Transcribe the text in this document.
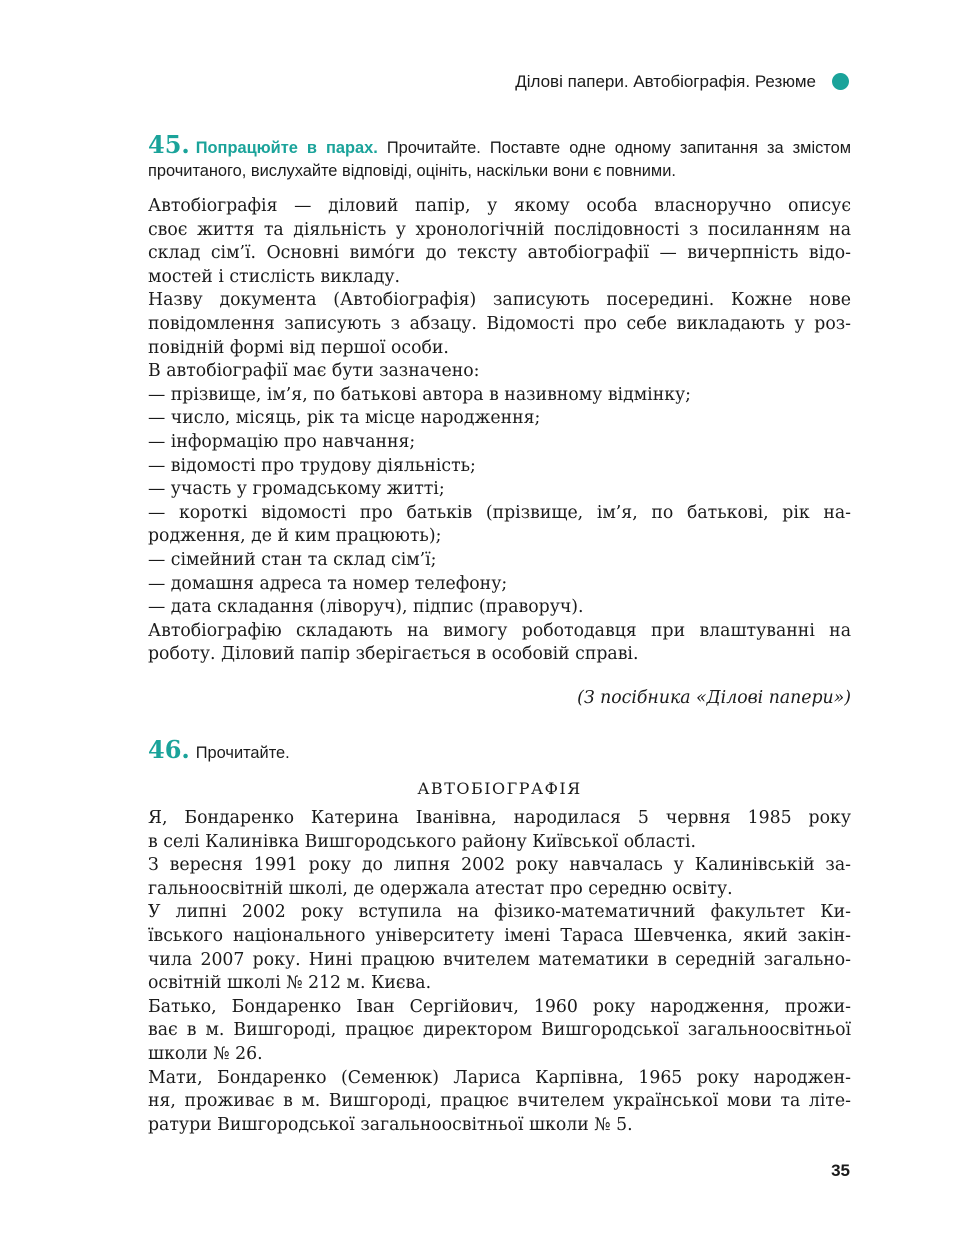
Ділові папери. Автобіографія. Резюме
45. Попрацюйте в парах. Прочитайте. Поставте одне одному запитання за змістом прочитаного, вислухайте відповіді, оцініть, наскільки вони є повними.
Автобіографія — діловий папір, у якому особа власноручно описує
своє життя та діяльність у хронологічній послідовності з посиланням на
склад сім’ї. Основні вимо́ги до тексту автобіографії — вичерпність відо-
мостей і стислість викладу.
Назву документа (Автобіографія) записують посередині. Кожне нове
повідомлення записують з абзацу. Відомості про себе викладають у роз-
повідній формі від першої особи.
В автобіографії має бути зазначено:
— прізвище, ім’я, по батькові автора в називному відмінку;
— число, місяць, рік та місце народження;
— інформацію про навчання;
— відомості про трудову діяльність;
— участь у громадському житті;
— короткі відомості про батьків (прізвище, ім’я, по батькові, рік на-
родження, де й ким працюють);
— сімейний стан та склад сім’ї;
— домашня адреса та номер телефону;
— дата складання (ліворуч), підпис (праворуч).
Автобіографію складають на вимогу роботодавця при влаштуванні на
роботу. Діловий папір зберігається в особовій справі.
(З посібника «Ділові папери»)
46. Прочитайте.
АВТОБІОГРАФІЯ
Я, Бондаренко Катерина Іванівна, народилася 5 червня 1985 року
в селі Калинівка Вишгородського району Київської області.
З вересня 1991 року до липня 2002 року навчалась у Калинівській за-
гальноосвітній школі, де одержала атестат про середню освіту.
У липні 2002 року вступила на фізико-математичний факультет Ки-
ївського національного університету імені Тараса Шевченка, який закін-
чила 2007 року. Нині працюю вчителем математики в середній загально-
освітній школі № 212 м. Києва.
Батько, Бондаренко Іван Сергійович, 1960 року народження, прожи-
ває в м. Вишгороді, працює директором Вишгородської загальноосвітньої
школи № 26.
Мати, Бондаренко (Семенюк) Лариса Карпівна, 1965 року народжен-
ня, проживає в м. Вишгороді, працює вчителем української мови та літе-
ратури Вишгородської загальноосвітньої школи № 5.
35
